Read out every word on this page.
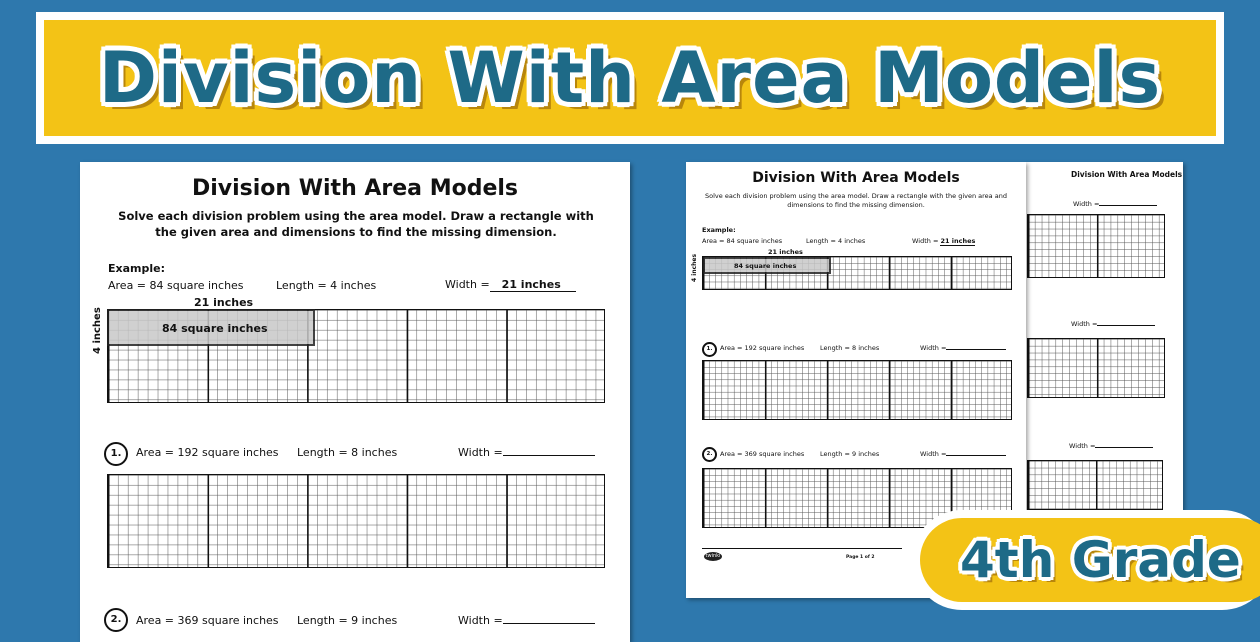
Division With Area Models
Division With Area Models
Width =
Width =
Width =
Division With Area Models
Solve each division problem using the area model. Draw a rectangle with the given area and dimensions to find the missing dimension.
Example:
Area = 84 square inches	Length = 4 inches	Width = 21 inches
21 inches
4 inches	84 square inches
1.	Area = 192 square inches Length = 8 inches	Width =
2.	Area = 369 square inches Length = 9 inches	Width =
twinkl	Page 1 of 2
Division With Area Models
Solve each division problem using the area model. Draw a rectangle with the given area and dimensions to find the missing dimension.
Example:
Area = 84 square inches	Length = 4 inches	Width = 21 inches
21 inches
4 inches	84 square inches
1.	Area = 192 square inches Length = 8 inches	Width =
2.	Area = 369 square inches Length = 9 inches	Width =
4th Grade
